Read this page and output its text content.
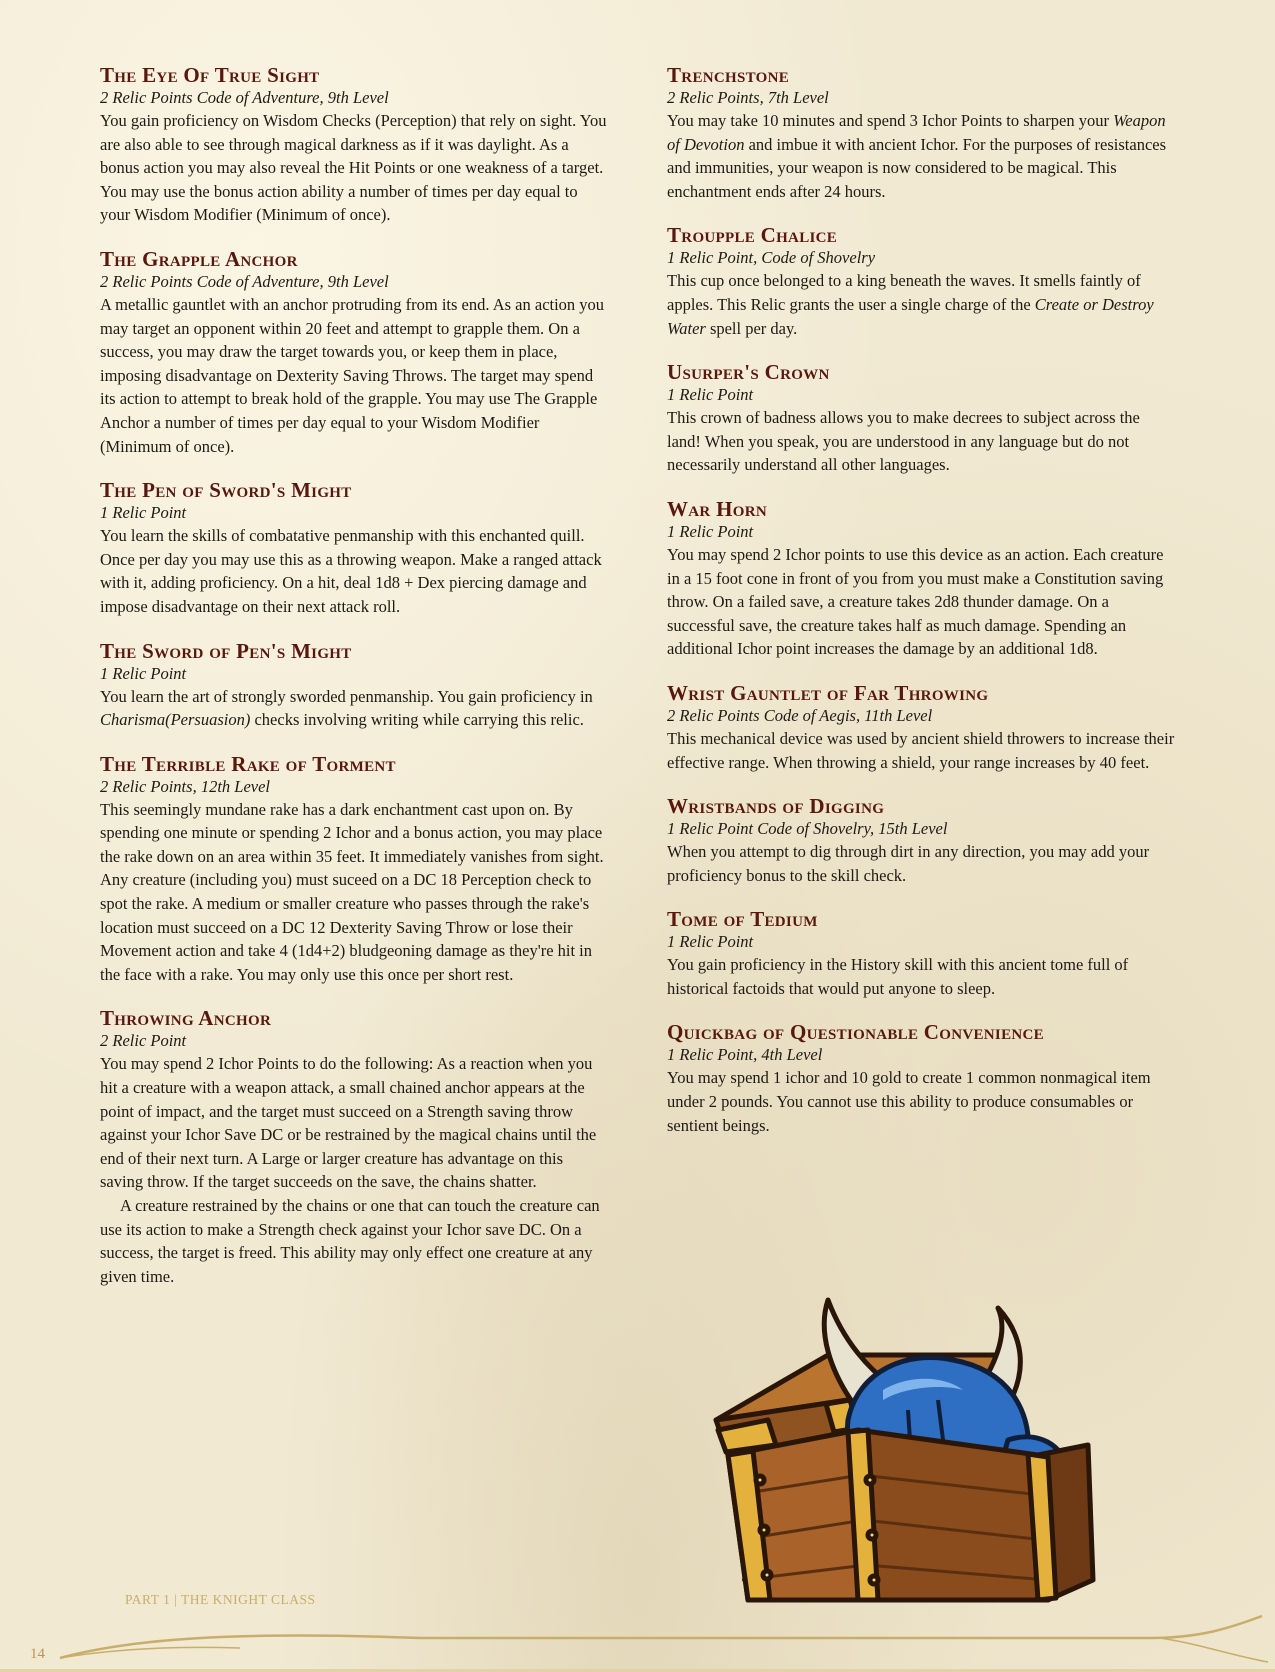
The Eye Of True Sight
2 Relic Points Code of Adventure, 9th Level

You gain proficiency on Wisdom Checks (Perception) that rely on sight. You are also able to see through magical darkness as if it was daylight. As a bonus action you may also reveal the Hit Points or one weakness of a target. You may use the bonus action ability a number of times per day equal to your Wisdom Modifier (Minimum of once).

The Grapple Anchor
2 Relic Points Code of Adventure, 9th Level

A metallic gauntlet with an anchor protruding from its end. As an action you may target an opponent within 20 feet and attempt to grapple them. On a success, you may draw the target towards you, or keep them in place, imposing disadvantage on Dexterity Saving Throws. The target may spend its action to attempt to break hold of the grapple. You may use The Grapple Anchor a number of times per day equal to your Wisdom Modifier (Minimum of once).

The Pen of Sword's Might
1 Relic Point

You learn the skills of combatative penmanship with this enchanted quill. Once per day you may use this as a throwing weapon. Make a ranged attack with it, adding proficiency. On a hit, deal 1d8 + Dex piercing damage and impose disadvantage on their next attack roll.

The Sword of Pen's Might
1 Relic Point

You learn the art of strongly sworded penmanship. You gain proficiency in Charisma(Persuasion) checks involving writing while carrying this relic.

The Terrible Rake of Torment
2 Relic Points, 12th Level

This seemingly mundane rake has a dark enchantment cast upon on. By spending one minute or spending 2 Ichor and a bonus action, you may place the rake down on an area within 35 feet. It immediately vanishes from sight. Any creature (including you) must suceed on a DC 18 Perception check to spot the rake. A medium or smaller creature who passes through the rake's location must succeed on a DC 12 Dexterity Saving Throw or lose their Movement action and take 4 (1d4+2) bludgeoning damage as they're hit in the face with a rake. You may only use this once per short rest.

Throwing Anchor
2 Relic Point

You may spend 2 Ichor Points to do the following: As a reaction when you hit a creature with a weapon attack, a small chained anchor appears at the point of impact, and the target must succeed on a Strength saving throw against your Ichor Save DC or be restrained by the magical chains until the end of their next turn. A Large or larger creature has advantage on this saving throw. If the target succeeds on the save, the chains shatter.

A creature restrained by the chains or one that can touch the creature can use its action to make a Strength check against your Ichor save DC. On a success, the target is freed. This ability may only effect one creature at any given time.

Trenchstone
2 Relic Points, 7th Level

You may take 10 minutes and spend 3 Ichor Points to sharpen your Weapon of Devotion and imbue it with ancient Ichor. For the purposes of resistances and immunities, your weapon is now considered to be magical. This enchantment ends after 24 hours.

Troupple Chalice
1 Relic Point, Code of Shovelry

This cup once belonged to a king beneath the waves. It smells faintly of apples. This Relic grants the user a single charge of the Create or Destroy Water spell per day.

Usurper's Crown
1 Relic Point

This crown of badness allows you to make decrees to subject across the land! When you speak, you are understood in any language but do not necessarily understand all other languages.

War Horn
1 Relic Point

You may spend 2 Ichor points to use this device as an action. Each creature in a 15 foot cone in front of you from you must make a Constitution saving throw. On a failed save, a creature takes 2d8 thunder damage. On a successful save, the creature takes half as much damage. Spending an additional Ichor point increases the damage by an additional 1d8.

Wrist Gauntlet of Far Throwing
2 Relic Points Code of Aegis, 11th Level

This mechanical device was used by ancient shield throwers to increase their effective range. When throwing a shield, your range increases by 40 feet.

Wristbands of Digging
1 Relic Point Code of Shovelry, 15th Level

When you attempt to dig through dirt in any direction, you may add your proficiency bonus to the skill check.

Tome of Tedium
1 Relic Point

You gain proficiency in the History skill with this ancient tome full of historical factoids that would put anyone to sleep.

Quickbag of Questionable Convenience
1 Relic Point, 4th Level

You may spend 1 ichor and 10 gold to create 1 common nonmagical item under 2 pounds. You cannot use this ability to produce consumables or sentient beings.

PART 1 | THE KNIGHT CLASS
14
